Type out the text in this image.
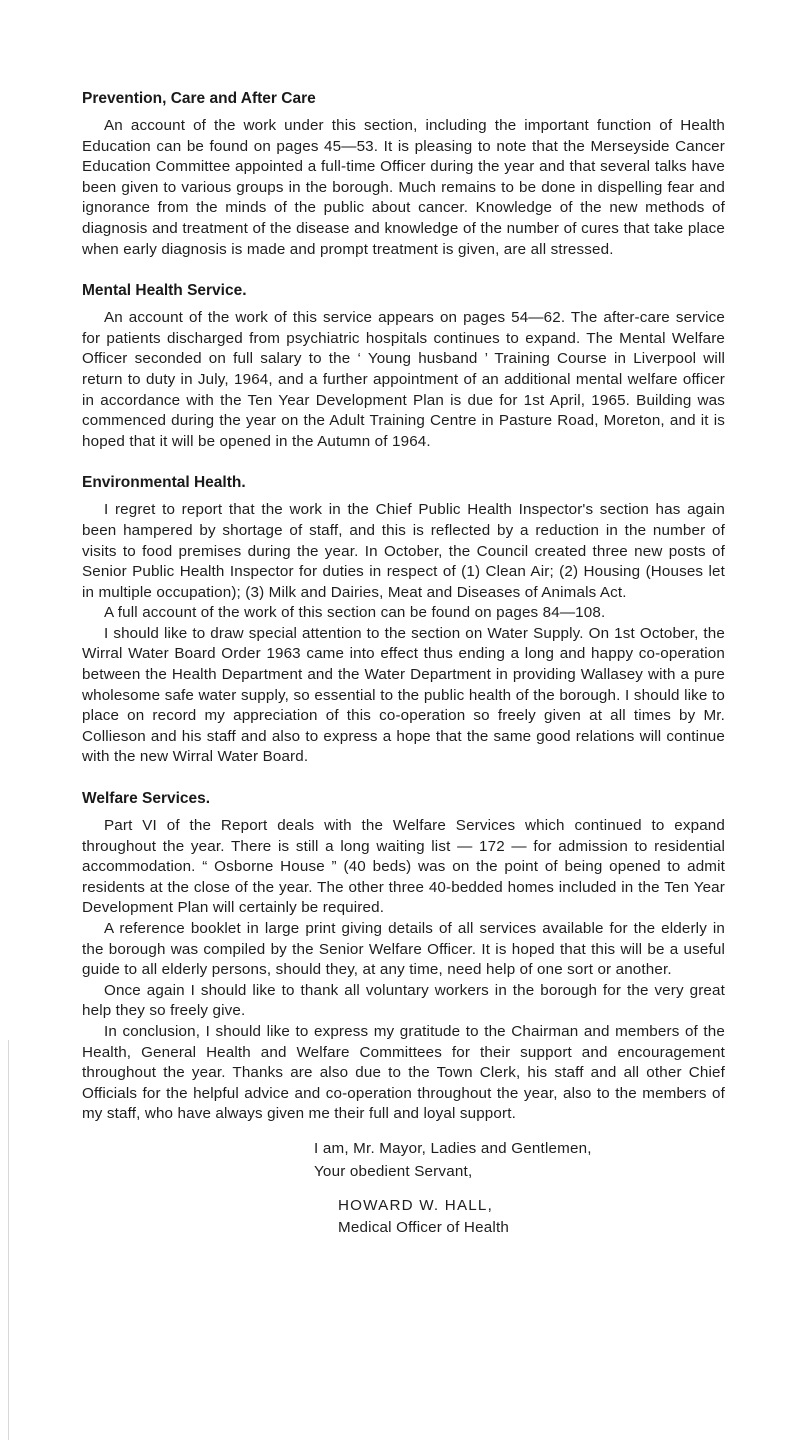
Prevention, Care and After Care

An account of the work under this section, including the important function of Health Education can be found on pages 45—53. It is pleasing to note that the Merseyside Cancer Education Committee appointed a full-time Officer during the year and that several talks have been given to various groups in the borough. Much remains to be done in dispelling fear and ignorance from the minds of the public about cancer. Knowledge of the new methods of diagnosis and treatment of the disease and knowledge of the number of cures that take place when early diagnosis is made and prompt treatment is given, are all stressed.

Mental Health Service.

An account of the work of this service appears on pages 54—62. The after-care service for patients discharged from psychiatric hospitals continues to expand. The Mental Welfare Officer seconded on full salary to the ‘ Young husband ’ Training Course in Liverpool will return to duty in July, 1964, and a further appointment of an additional mental welfare officer in accordance with the Ten Year Development Plan is due for 1st April, 1965. Building was commenced during the year on the Adult Training Centre in Pasture Road, Moreton, and it is hoped that it will be opened in the Autumn of 1964.

Environmental Health.

I regret to report that the work in the Chief Public Health Inspector's section has again been hampered by shortage of staff, and this is reflected by a reduction in the number of visits to food premises during the year. In October, the Council created three new posts of Senior Public Health Inspector for duties in respect of (1) Clean Air; (2) Housing (Houses let in multiple occupation); (3) Milk and Dairies, Meat and Diseases of Animals Act.

A full account of the work of this section can be found on pages 84—108.

I should like to draw special attention to the section on Water Supply. On 1st October, the Wirral Water Board Order 1963 came into effect thus ending a long and happy co-operation between the Health Department and the Water Department in providing Wallasey with a pure wholesome safe water supply, so essential to the public health of the borough. I should like to place on record my appreciation of this co-operation so freely given at all times by Mr. Collieson and his staff and also to express a hope that the same good relations will continue with the new Wirral Water Board.

Welfare Services.

Part VI of the Report deals with the Welfare Services which continued to expand throughout the year. There is still a long waiting list — 172 — for admission to residential accommodation. “ Osborne House ” (40 beds) was on the point of being opened to admit residents at the close of the year. The other three 40-bedded homes included in the Ten Year Development Plan will certainly be required.

A reference booklet in large print giving details of all services available for the elderly in the borough was compiled by the Senior Welfare Officer. It is hoped that this will be a useful guide to all elderly persons, should they, at any time, need help of one sort or another.

Once again I should like to thank all voluntary workers in the borough for the very great help they so freely give.

In conclusion, I should like to express my gratitude to the Chairman and members of the Health, General Health and Welfare Committees for their support and encouragement throughout the year. Thanks are also due to the Town Clerk, his staff and all other Chief Officials for the helpful advice and co-operation throughout the year, also to the members of my staff, who have always given me their full and loyal support.

I am, Mr. Mayor, Ladies and Gentlemen,
Your obedient Servant,
HOWARD W. HALL,
Medical Officer of Health
